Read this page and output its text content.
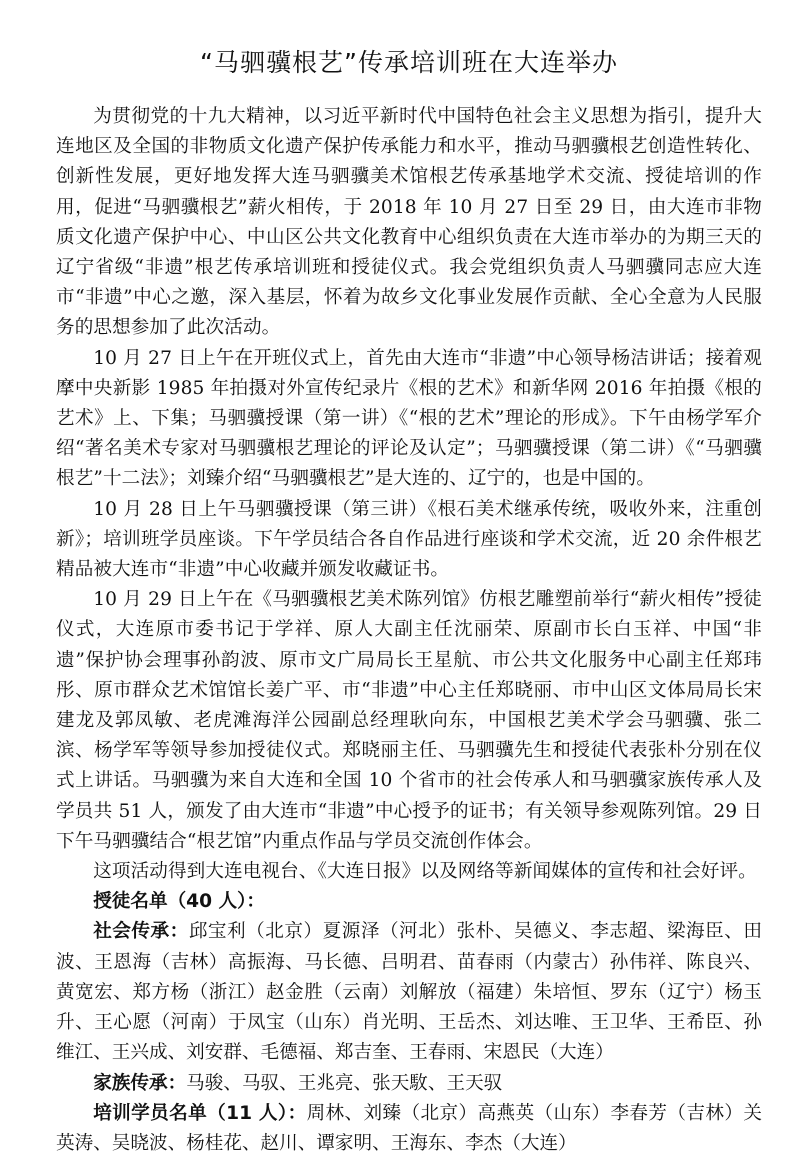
“马驷骥根艺”传承培训班在大连举办

为贯彻党的十九大精神，以习近平新时代中国特色社会主义思想为指引，提升大连地区及全国的非物质文化遗产保护传承能力和水平，推动马驷骥根艺创造性转化、创新性发展，更好地发挥大连马驷骥美术馆根艺传承基地学术交流、授徒培训的作用，促进“马驷骥根艺”薪火相传，于 2018 年 10 月 27 日至 29 日，由大连市非物质文化遗产保护中心、中山区公共文化教育中心组织负责在大连市举办的为期三天的辽宁省级“非遗”根艺传承培训班和授徒仪式。我会党组织负责人马驷骥同志应大连市“非遗”中心之邀，深入基层，怀着为故乡文化事业发展作贡献、全心全意为人民服务的思想参加了此次活动。

10 月 27 日上午在开班仪式上，首先由大连市“非遗”中心领导杨洁讲话；接着观摩中央新影 1985 年拍摄对外宣传纪录片《根的艺术》和新华网 2016 年拍摄《根的艺术》上、下集；马驷骥授课（第一讲）《“根的艺术”理论的形成》。下午由杨学军介绍“著名美术专家对马驷骥根艺理论的评论及认定”；马驷骥授课（第二讲）《“马驷骥根艺”十二法》；刘臻介绍“马驷骥根艺”是大连的、辽宁的，也是中国的。

10 月 28 日上午马驷骥授课（第三讲）《根石美术继承传统，吸收外来，注重创新》；培训班学员座谈。下午学员结合各自作品进行座谈和学术交流，近 20 余件根艺精品被大连市“非遗”中心收藏并颁发收藏证书。

10 月 29 日上午在《马驷骥根艺美术陈列馆》仿根艺雕塑前举行“薪火相传”授徒仪式，大连原市委书记于学祥、原人大副主任沈丽荣、原副市长白玉祥、中国“非遗”保护协会理事孙韵波、原市文广局局长王星航、市公共文化服务中心副主任郑玮彤、原市群众艺术馆馆长姜广平、市“非遗”中心主任郑晓丽、市中山区文体局局长宋建龙及郭凤敏、老虎滩海洋公园副总经理耿向东，中国根艺美术学会马驷骥、张二滨、杨学军等领导参加授徒仪式。郑晓丽主任、马驷骥先生和授徒代表张朴分别在仪式上讲话。马驷骥为来自大连和全国 10 个省市的社会传承人和马驷骥家族传承人及学员共 51 人，颁发了由大连市“非遗”中心授予的证书；有关领导参观陈列馆。29 日下午马驷骥结合“根艺馆”内重点作品与学员交流创作体会。

这项活动得到大连电视台、《大连日报》以及网络等新闻媒体的宣传和社会好评。

授徒名单（40 人）：

社会传承：邱宝利（北京）夏源泽（河北）张朴、吴德义、李志超、梁海臣、田波、王恩海（吉林）高振海、马长德、吕明君、苗春雨（内蒙古）孙伟祥、陈良兴、黄宽宏、郑方杨（浙江）赵金胜（云南）刘解放（福建）朱培恒、罗东（辽宁）杨玉升、王心愿（河南）于凤宝（山东）肖光明、王岳杰、刘达唯、王卫华、王希臣、孙维江、王兴成、刘安群、毛德福、郑吉奎、王春雨、宋恩民（大连）

家族传承：马骏、马驭、王兆亮、张天駇、王天驭

培训学员名单（11 人）：周林、刘臻（北京）高燕英（山东）李春芳（吉林）关英涛、吴晓波、杨桂花、赵川、谭家明、王海东、李杰（大连）
